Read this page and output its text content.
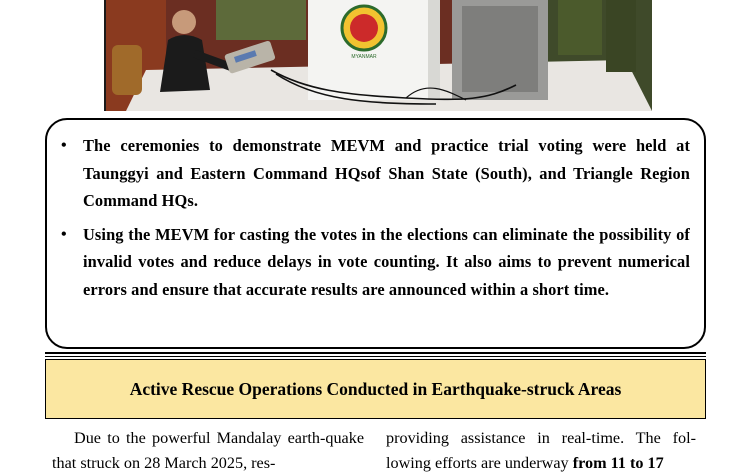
MYANMAR
• The ceremonies to demonstrate MEVM and practice trial voting were held at Taunggyi and Eastern Command HQsof Shan State (South), and Triangle Region Command HQs.
• Using the MEVM for casting the votes in the elections can eliminate the possibility of invalid votes and reduce delays in vote counting. It also aims to prevent numerical errors and ensure that accurate results are announced within a short time.
Active Rescue Operations Conducted in Earthquake-struck Areas

Due to the powerful Mandalay earth-quake that struck on 28 March 2025, res-

providing assistance in real-time. The fol-lowing efforts are underway from 11 to 17
